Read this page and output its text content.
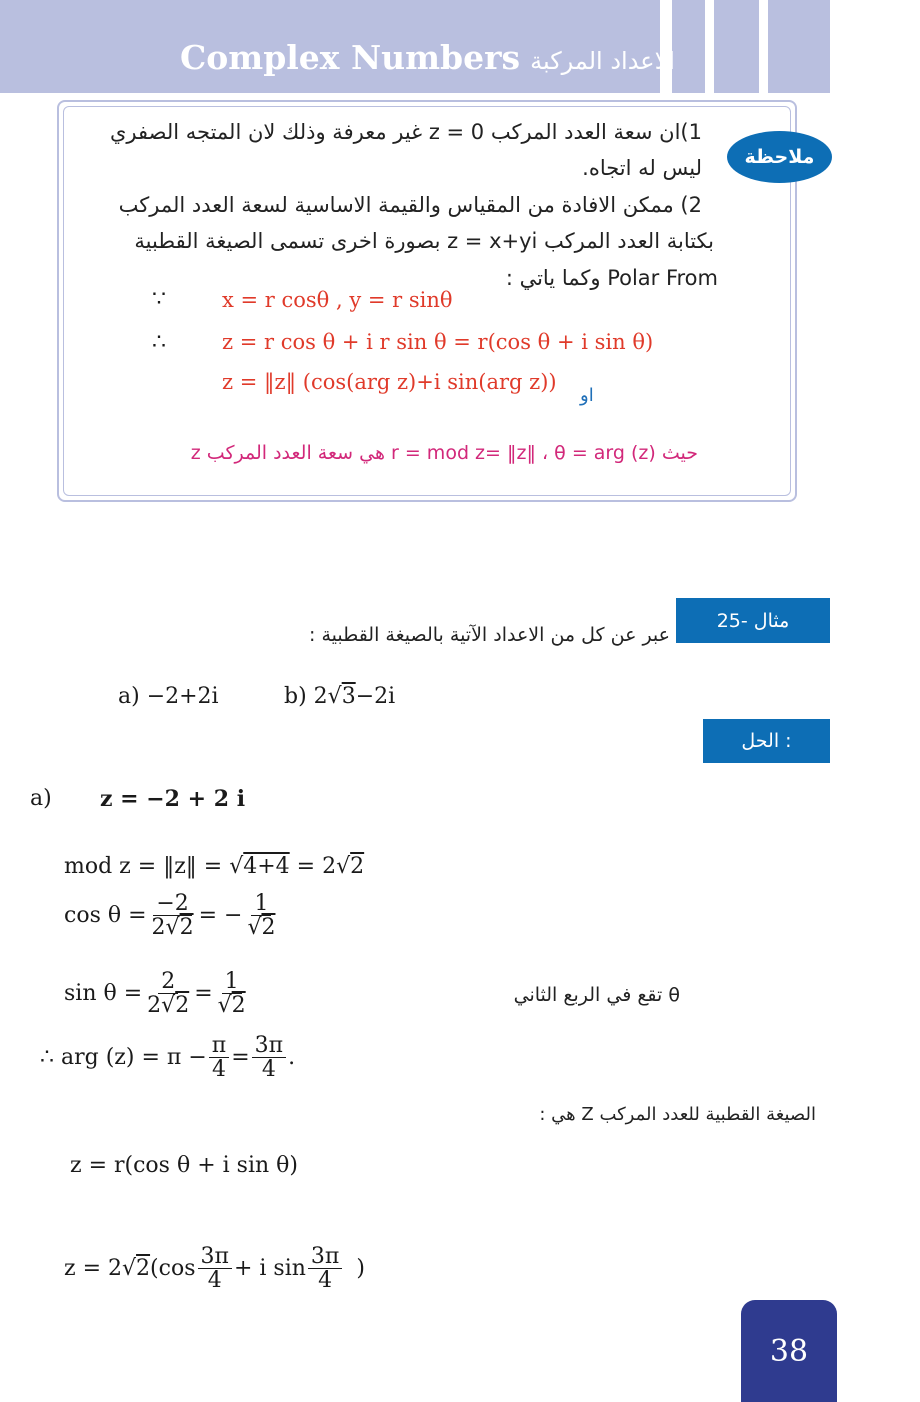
Complex Numbers الاعداد المركبة
ملاحظة
1)ان سعة العدد المركب z = 0 غير معرفة وذلك لان المتجه الصفري
ليس له اتجاه.
2) ممكن الافادة من المقياس والقيمة الاساسية لسعة العدد المركب
بكتابة العدد المركب z = x+yi بصورة اخرى تسمى الصيغة القطبية
Polar From وكما ياتي :
∵	x = r cosθ , y = r sinθ
∴	z = r cos θ + i r sin θ = r(cos θ + i sin θ)
z = ‖z‖ (cos(arg z)+i sin(arg z))
او
حيث r = mod z= ‖z‖ ، θ = arg (z) هي سعة العدد المركب z
مثال -25
عبر عن كل من الاعداد الآتية بالصيغة القطبية :
a) −2+2i	b) 2√3−2i
الحل :
a) z = −2 + 2 i
mod z = ‖z‖ = √4+4 = 2√2
$\cos \theta = \frac{-2}{2√2}$ = − $\frac{1}{√2}$
$\sin \theta = \frac{2}{2√2} = \frac{1}{√2}$	θ تقع في الربع الثاني
∴ arg $(z) = \pi - \frac{\pi}{4} = \frac{3\pi}{4}$ .
الصيغة القطبية للعدد المركب Z هي :
z = r(cos θ + i sin θ)
z = 2 √ 2 ($\cos \frac{3\pi}{4} + i$ $\sin \frac{3\pi}{4}$ )
38
